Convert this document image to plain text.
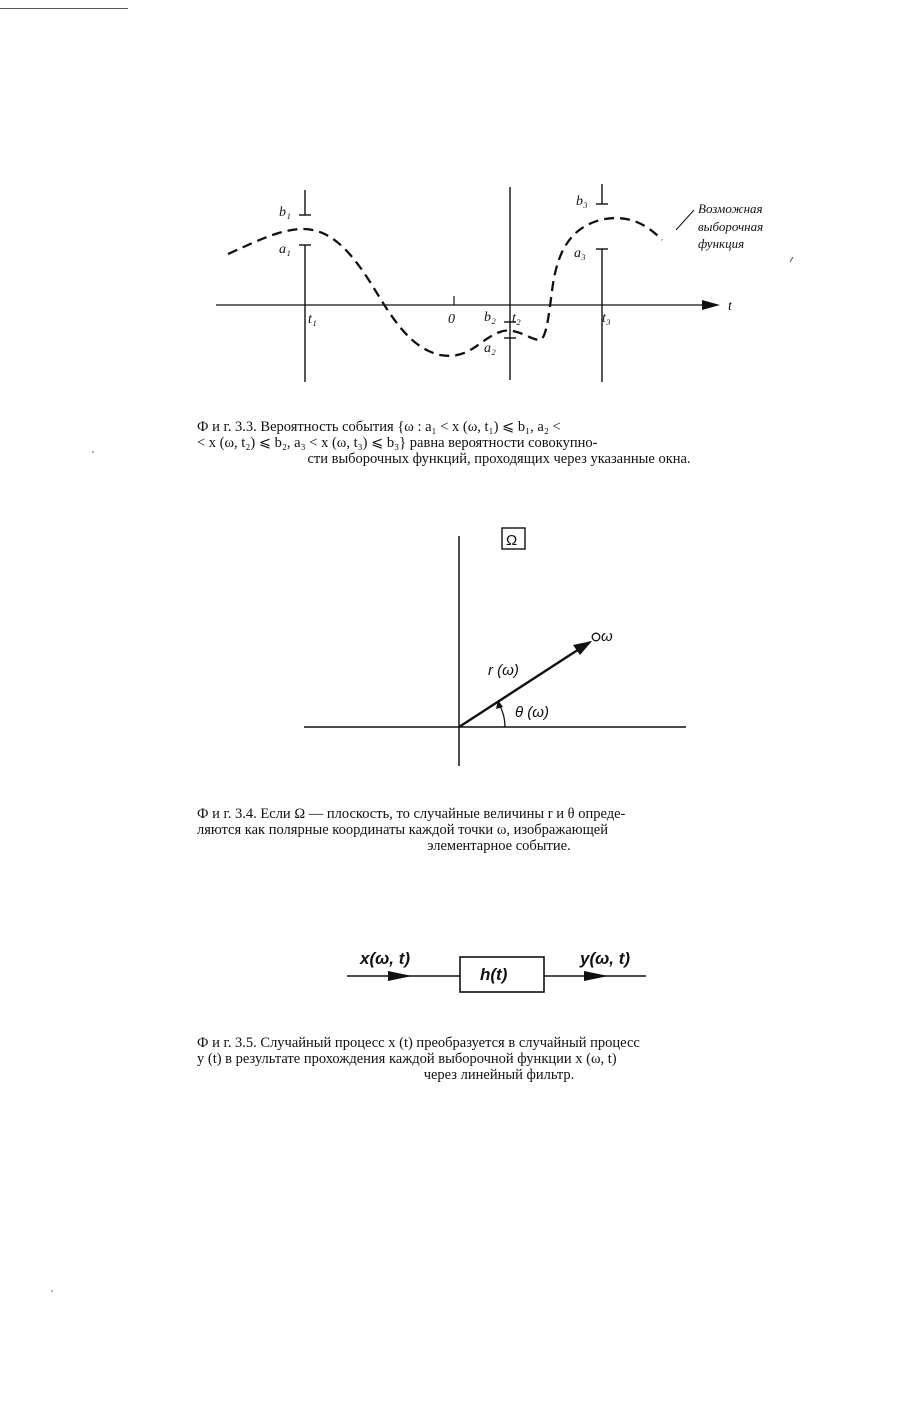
b₁
a₁
t₁	0 b₂ t₂
a₂
b₃
a₃
t₃
t
Возможная
выборочная
функция
Ω
ω
r (ω)
θ (ω)
x(ω, t)
h(t)
y(ω, t)

Ф и г. 3.3. Вероятность события {ω : a₁ < x (ω, t₁) ⩽ b₁, a₂ <

< x (ω, t₂) ⩽ b₂, a₃ < x (ω, t₃) ⩽ b₃} равна вероятности совокупно-

сти выборочных функций, проходящих через указанные окна.

Ф и г. 3.4. Если Ω — плоскость, то случайные величины r и θ опреде-

ляются как полярные координаты каждой точки ω, изображающей

элементарное событие.

Ф и г. 3.5. Случайный процесс x (t) преобразуется в случайный процесс

y (t) в результате прохождения каждой выборочной функции x (ω, t)

через линейный фильтр.
